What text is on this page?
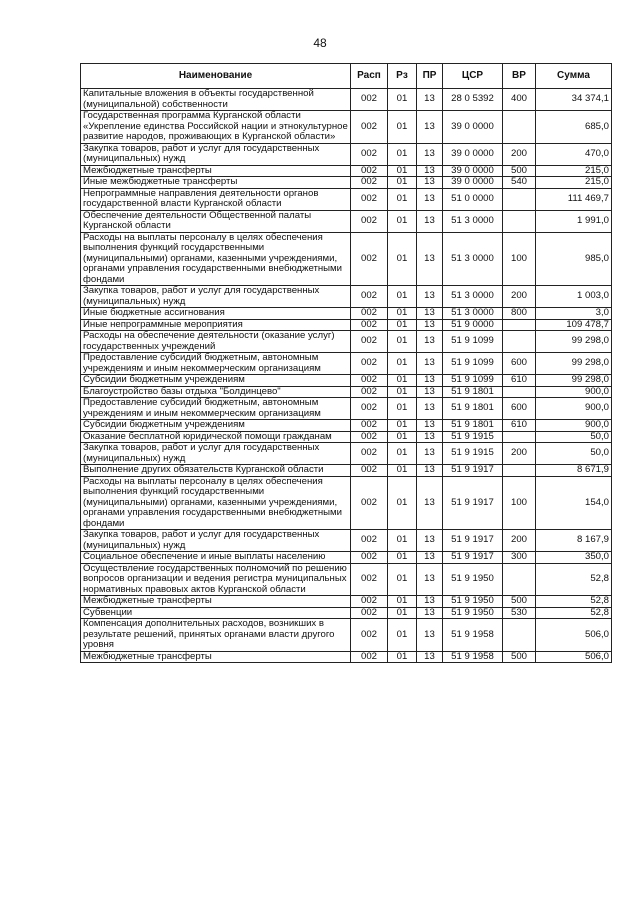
48
Наименование	Расп	Рз	ПР	ЦСР	ВР	Сумма
Капитальные вложения в объекты государственной (муниципальной) собственности	002	01	13	28 0 5392	400	34 374,1
Государственная программа Курганской области «Укрепление единства Российской нации и этнокультурное развитие народов, проживающих в Курганской области»	002	01	13	39 0 0000		685,0
Закупка товаров, работ и услуг для государственных (муниципальных) нужд	002	01	13	39 0 0000	200	470,0
Межбюджетные трансферты	002	01	13	39 0 0000	500	215,0
Иные межбюджетные трансферты	002	01	13	39 0 0000	540	215,0
Непрограммные направления деятельности органов государственной власти Курганской области	002	01	13	51 0 0000		111 469,7
Обеспечение деятельности Общественной палаты Курганской области	002	01	13	51 3 0000		1 991,0
Расходы на выплаты персоналу в целях обеспечения выполнения функций государственными (муниципальными) органами, казенными учреждениями, органами управления государственными внебюджетными фондами	002	01	13	51 3 0000	100	985,0
Закупка товаров, работ и услуг для государственных (муниципальных) нужд	002	01	13	51 3 0000	200	1 003,0
Иные бюджетные ассигнования	002	01	13	51 3 0000	800	3,0
Иные непрограммные мероприятия	002	01	13	51 9 0000		109 478,7
Расходы на обеспечение деятельности (оказание услуг) государственных учреждений	002	01	13	51 9 1099		99 298,0
Предоставление субсидий бюджетным, автономным учреждениям и иным некоммерческим организациям	002	01	13	51 9 1099	600	99 298,0
Субсидии бюджетным учреждениям	002	01	13	51 9 1099	610	99 298,0
Благоустройство базы отдыха "Болдинцево"	002	01	13	51 9 1801		900,0
Предоставление субсидий бюджетным, автономным учреждениям и иным некоммерческим организациям	002	01	13	51 9 1801	600	900,0
Субсидии бюджетным учреждениям	002	01	13	51 9 1801	610	900,0
Оказание бесплатной юридической помощи гражданам	002	01	13	51 9 1915		50,0
Закупка товаров, работ и услуг для государственных (муниципальных) нужд	002	01	13	51 9 1915	200	50,0
Выполнение других обязательств Курганской области	002	01	13	51 9 1917		8 671,9
Расходы на выплаты персоналу в целях обеспечения выполнения функций государственными (муниципальными) органами, казенными учреждениями, органами управления государственными внебюджетными фондами	002	01	13	51 9 1917	100	154,0
Закупка товаров, работ и услуг для государственных (муниципальных) нужд	002	01	13	51 9 1917	200	8 167,9
Социальное обеспечение и иные выплаты населению	002	01	13	51 9 1917	300	350,0
Осуществление государственных полномочий по решению вопросов организации и ведения регистра муниципальных нормативных правовых актов Курганской области	002	01	13	51 9 1950		52,8
Межбюджетные трансферты	002	01	13	51 9 1950	500	52,8
Субвенции	002	01	13	51 9 1950	530	52,8
Компенсация дополнительных расходов, возникших в результате решений, принятых органами власти другого уровня	002	01	13	51 9 1958		506,0
Межбюджетные трансферты	002	01	13	51 9 1958	500	506,0
